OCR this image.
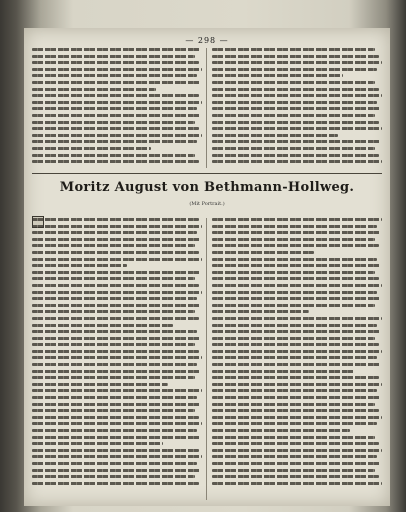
— 298 —
Moritz August von Bethmann-Hollweg.
(Mit Portrait.)
